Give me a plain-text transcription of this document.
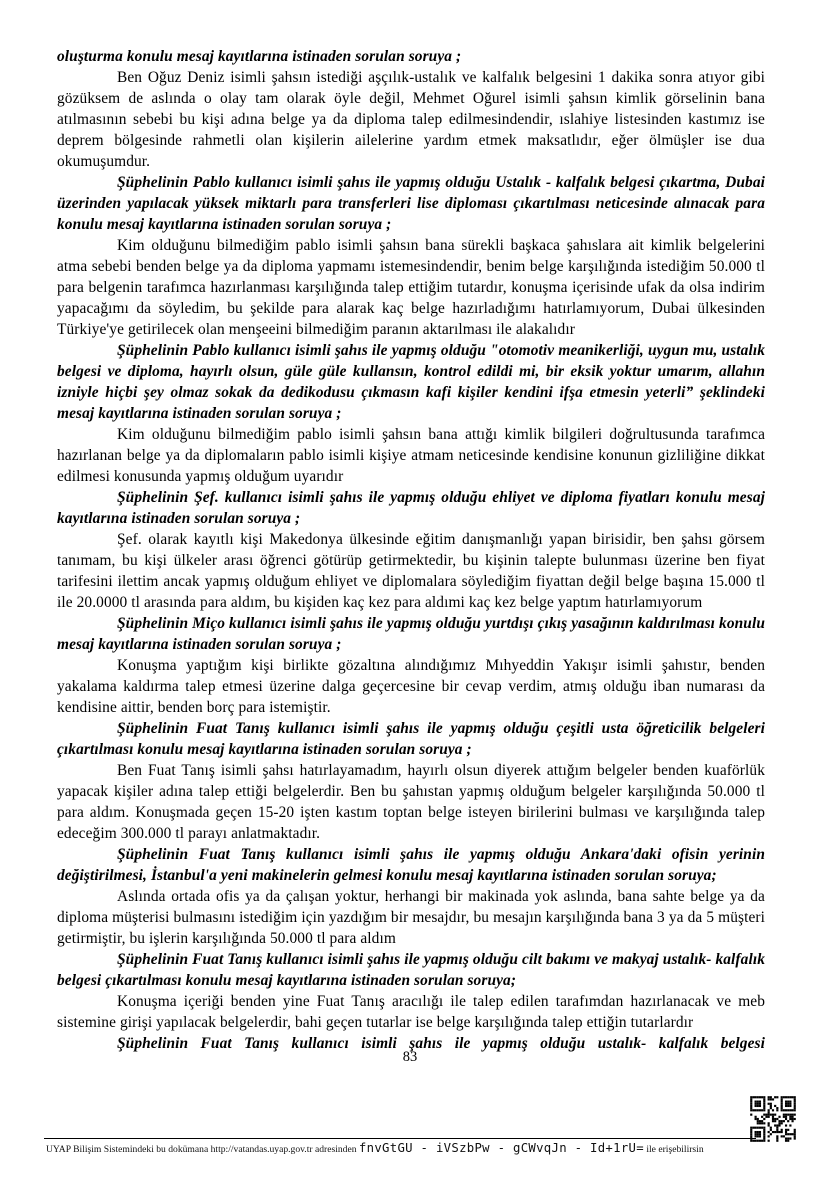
oluşturma konulu mesaj kayıtlarına istinaden sorulan soruya ;

Ben Oğuz Deniz isimli şahsın istediği aşçılık-ustalık ve kalfalık belgesini 1 dakika sonra atıyor gibi gözüksem de aslında o olay tam olarak öyle değil, Mehmet Oğurel isimli şahsın kimlik görselinin bana atılmasının sebebi bu kişi adına belge ya da diploma talep edilmesindendir, ıslahiye listesinden kastımız ise deprem bölgesinde rahmetli olan kişilerin ailelerine yardım etmek maksatlıdır, eğer ölmüşler ise dua okumuşumdur.

Şüphelinin Pablo kullanıcı isimli şahıs ile yapmış olduğu Ustalık - kalfalık belgesi çıkartma, Dubai üzerinden yapılacak yüksek miktarlı para transferleri lise diploması çıkartılması neticesinde alınacak para konulu mesaj kayıtlarına istinaden sorulan soruya ;

Kim olduğunu bilmediğim pablo isimli şahsın bana sürekli başkaca şahıslara ait kimlik belgelerini atma sebebi benden belge ya da diploma yapmamı istemesindendir, benim belge karşılığında istediğim 50.000 tl para belgenin tarafımca hazırlanması karşılığında talep ettiğim tutardır, konuşma içerisinde ufak da olsa indirim yapacağımı da söyledim, bu şekilde para alarak kaç belge hazırladığımı hatırlamıyorum, Dubai ülkesinden Türkiye'ye getirilecek olan menşeeini bilmediğim paranın aktarılması ile alakalıdır

Şüphelinin Pablo kullanıcı isimli şahıs ile yapmış olduğu "otomotiv meanikerliği, uygun mu, ustalık belgesi ve diploma, hayırlı olsun, güle güle kullansın, kontrol edildi mi, bir eksik yoktur umarım, allahın izniyle hiçbi şey olmaz sokak da dedikodusu çıkmasın kafi kişiler kendini ifşa etmesin yeterli” şeklindeki mesaj kayıtlarına istinaden sorulan soruya ;

Kim olduğunu bilmediğim pablo isimli şahsın bana attığı kimlik bilgileri doğrultusunda tarafımca hazırlanan belge ya da diplomaların pablo isimli kişiye atmam neticesinde kendisine konunun gizliliğine dikkat edilmesi konusunda yapmış olduğum uyarıdır

Şüphelinin Şef. kullanıcı isimli şahıs ile yapmış olduğu ehliyet ve diploma fiyatları konulu mesaj kayıtlarına istinaden sorulan soruya ;

Şef. olarak kayıtlı kişi Makedonya ülkesinde eğitim danışmanlığı yapan birisidir, ben şahsı görsem tanımam, bu kişi ülkeler arası öğrenci götürüp getirmektedir, bu kişinin talepte bulunması üzerine ben fiyat tarifesini ilettim ancak yapmış olduğum ehliyet ve diplomalara söylediğim fiyattan değil belge başına 15.000 tl ile 20.0000 tl arasında para aldım, bu kişiden kaç kez para aldımi kaç kez belge yaptım hatırlamıyorum

Şüphelinin Miço kullanıcı isimli şahıs ile yapmış olduğu yurtdışı çıkış yasağının kaldırılması konulu mesaj kayıtlarına istinaden sorulan soruya ;

Konuşma yaptığım kişi birlikte gözaltına alındığımız Mıhyeddin Yakışır isimli şahıstır, benden yakalama kaldırma talep etmesi üzerine dalga geçercesine bir cevap verdim, atmış olduğu iban numarası da kendisine aittir, benden borç para istemiştir.

Şüphelinin Fuat Tanış kullanıcı isimli şahıs ile yapmış olduğu çeşitli usta öğreticilik belgeleri çıkartılması konulu mesaj kayıtlarına istinaden sorulan soruya ;

Ben Fuat Tanış isimli şahsı hatırlayamadım, hayırlı olsun diyerek attığım belgeler benden kuaförlük yapacak kişiler adına talep ettiği belgelerdir. Ben bu şahıstan yapmış olduğum belgeler karşılığında 50.000 tl para aldım. Konuşmada geçen 15-20 işten kastım toptan belge isteyen birilerini bulması ve karşılığında talep edeceğim 300.000 tl parayı anlatmaktadır.

Şüphelinin Fuat Tanış kullanıcı isimli şahıs ile yapmış olduğu Ankara'daki ofisin yerinin değiştirilmesi, İstanbul'a yeni makinelerin gelmesi konulu mesaj kayıtlarına istinaden sorulan soruya;

Aslında ortada ofis ya da çalışan yoktur, herhangi bir makinada yok aslında, bana sahte belge ya da diploma müşterisi bulmasını istediğim için yazdığım bir mesajdır, bu mesajın karşılığında bana 3 ya da 5 müşteri getirmiştir, bu işlerin karşılığında 50.000 tl para aldım

Şüphelinin Fuat Tanış kullanıcı isimli şahıs ile yapmış olduğu cilt bakımı ve makyaj ustalık- kalfalık belgesi çıkartılması konulu mesaj kayıtlarına istinaden sorulan soruya;

Konuşma içeriği benden yine Fuat Tanış aracılığı ile talep edilen tarafımdan hazırlanacak ve meb sistemine girişi yapılacak belgelerdir, bahi geçen tutarlar ise belge karşılığında talep ettiğin tutarlardır

Şüphelinin Fuat Tanış kullanıcı isimli şahıs ile yapmış olduğu ustalık- kalfalık belgesi

83
UYAP Bilişim Sistemindeki bu dokümana http://vatandas.uyap.gov.tr adresinden fnvGtGU - iVSzbPw - gCWvqJn - Id+1rU= ile erişebilirsin
